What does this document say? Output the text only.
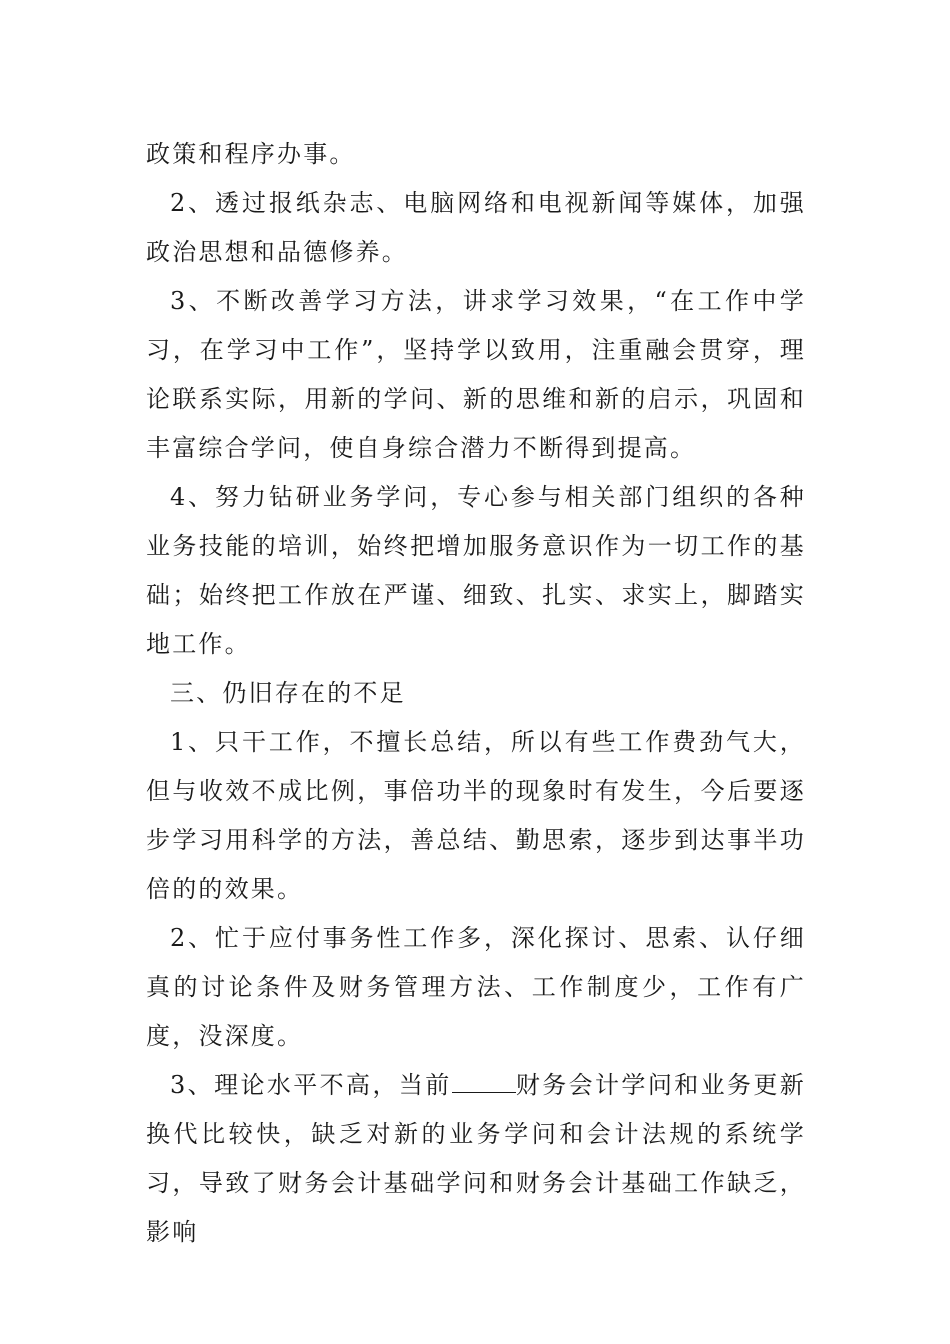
政策和程序办事。

2、透过报纸杂志、电脑网络和电视新闻等媒体，加强政治思想和品德修养。

3、不断改善学习方法，讲求学习效果，“在工作中学习，在学习中工作”，坚持学以致用，注重融会贯穿，理论联系实际，用新的学问、新的思维和新的启示，巩固和丰富综合学问，使自身综合潜力不断得到提高。

4、努力钻研业务学问，专心参与相关部门组织的各种业务技能的培训，始终把增加服务意识作为一切工作的基础；始终把工作放在严谨、细致、扎实、求实上，脚踏实地工作。

三、仍旧存在的不足

1、只干工作，不擅长总结，所以有些工作费劲气大，但与收效不成比例，事倍功半的现象时有发生，今后要逐步学习用科学的方法，善总结、勤思索，逐步到达事半功倍的的效果。

2、忙于应付事务性工作多，深化探讨、思索、认仔细真的讨论条件及财务管理方法、工作制度少，工作有广度，没深度。

3、理论水平不高，当前	财务会计学问和业务更新换代比较快，缺乏对新的业务学问和会计法规的系统学习，导致了财务会计基础学问和财务会计基础工作缺乏，影响
